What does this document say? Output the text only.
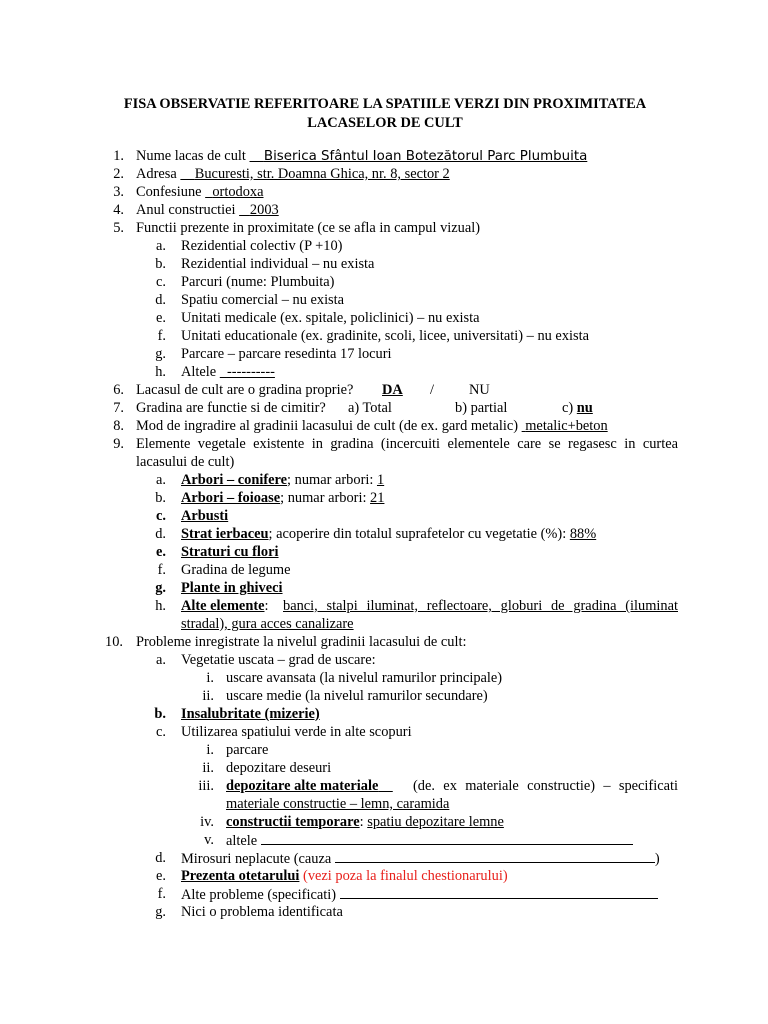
FISA OBSERVATIE REFERITOARE LA SPATIILE VERZI DIN PROXIMITATEA
LACASELOR DE CULT
1. Nume lacas de cult Biserica Sfântul Ioan Botezătorul Parc Plumbuita
2. Adresa Bucuresti, str. Doamna Ghica, nr. 8, sector 2
3. Confesiune ortodoxa
4. Anul constructiei 2003
5. Functii prezente in proximitate (ce se afla in campul vizual)
a. Rezidential colectiv (P +10)
b. Rezidential individual – nu exista
c. Parcuri (nume: Plumbuita)
d. Spatiu comercial – nu exista
e. Unitati medicale (ex. spitale, policlinici) – nu exista
f. Unitati educationale (ex. gradinite, scoli, licee, universitati) – nu exista
g. Parcare – parcare resedinta 17 locuri
h. Altele ----------
6. Lacasul de cult are o gradina proprie? DA / NU
7. Gradina are functie si de cimitir? a) Total	b) partial	c) nu
8. Mod de ingradire al gradinii lacasului de cult (de ex. gard metalic) metalic+beton
9. Elemente vegetale existente in gradina (incercuiti elementele care se regasesc in curtea
lacasului de cult)
a. Arbori – conifere; numar arbori: 1
b. Arbori – foioase; numar arbori: 21
c. Arbusti
d. Strat ierbaceu; acoperire din totalul suprafetelor cu vegetatie (%): 88%
e. Straturi cu flori
f. Gradina de legume
g. Plante in ghiveci
h. Alte elemente: banci, stalpi iluminat, reflectoare, globuri de gradina (iluminat
stradal), gura acces canalizare
10. Probleme inregistrate la nivelul gradinii lacasului de cult:
a. Vegetatie uscata – grad de uscare:
i. uscare avansata (la nivelul ramurilor principale)
ii. uscare medie (la nivelul ramurilor secundare)
b. Insalubritate (mizerie)
c. Utilizarea spatiului verde in alte scopuri
i. parcare
ii. depozitare deseuri
iii. depozitare alte materiale	(de. ex materiale constructie) – specificati
materiale constructie – lemn, caramida
iv. constructii temporare: spatiu depozitare lemne
v. altele
d. Mirosuri neplacute (cauza	)
e. Prezenta otetarului (vezi poza la finalul chestionarului)
f. Alte probleme (specificati)
g. Nici o problema identificata
